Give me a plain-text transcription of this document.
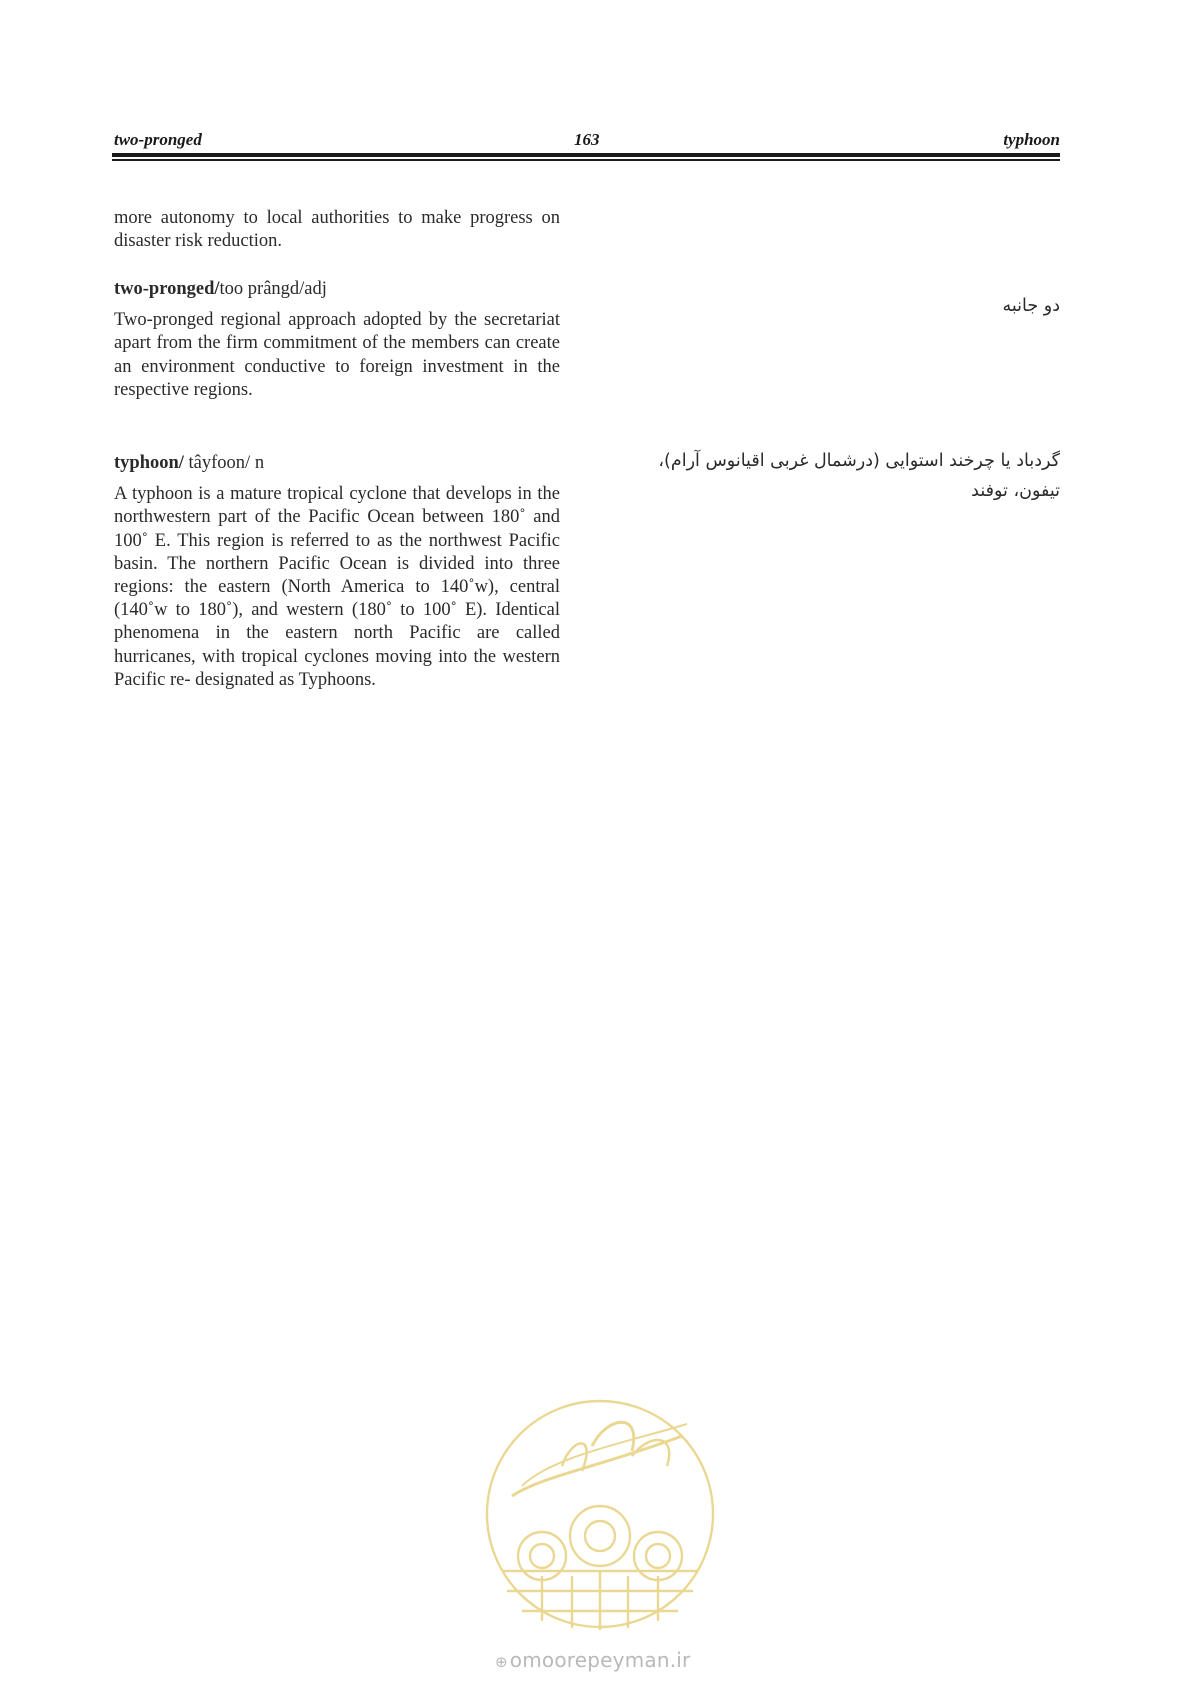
two-pronged	163	typhoon

more autonomy to local authorities to make progress on disaster risk reduction.

two-pronged/too prângd/adj

Two-pronged regional approach adopted by the secretariat apart from the firm commitment of the members can create an environment conductive to foreign investment in the respective regions.

دو جانبه

typhoon/ tâyfoon/ n

A typhoon is a mature tropical cyclone that develops in the northwestern part of the Pacific Ocean between 180˚ and 100˚ E. This region is referred to as the northwest Pacific basin. The northern Pacific Ocean is divided into three regions: the eastern (North America to 140˚w), central (140˚w to 180˚), and western (180˚ to 100˚ E). Identical phenomena in the eastern north Pacific are called hurricanes, with tropical cyclones moving into the western Pacific re- designated as Typhoons.

گردباد یا چرخند استوایی (درشمال غربی اقیانوس آرام)،
تیفون، توفند
⊕ omoorepeyman.ir
